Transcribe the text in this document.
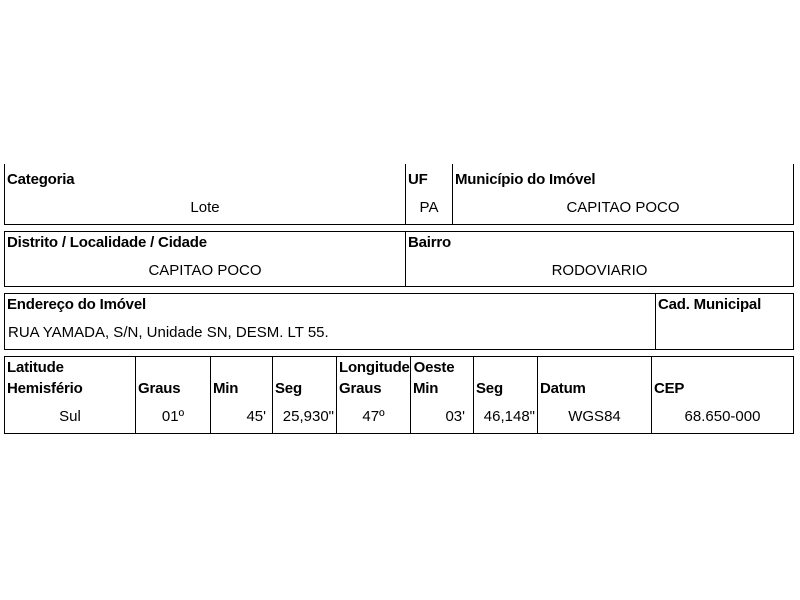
Categoria
Lote
UF
PA
Município do Imóvel
CAPITAO POCO
Distrito / Localidade / Cidade
CAPITAO POCO
Bairro
RODOVIARIO
Endereço do Imóvel
RUA YAMADA, S/N, Unidade SN, DESM. LT 55.
Cad. Municipal
Latitude
Hemisfério
Sul
Graus
01º
Min
45'
Seg
25,930"
Longitude Oeste
Graus
47º
Min
03'
Seg
46,148"
Datum
WGS84
CEP
68.650-000
